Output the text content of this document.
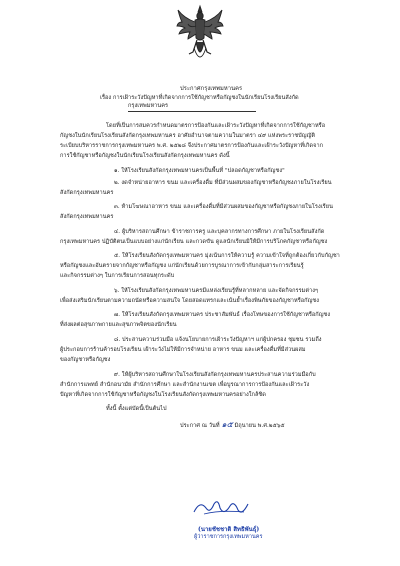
ประกาศกรุงเทพมหานคร
เรื่อง การเฝ้าระวังปัญหาที่เกิดจากการใช้กัญชาหรือกัญชงในนักเรียนโรงเรียนสังกัด
กรุงเทพมหานคร
โดยที่เป็นการสมควรกำหนดมาตรการป้องกันและเฝ้าระวังปัญหาที่เกิดจากการใช้กัญชาหรือ
กัญชงในนักเรียนโรงเรียนสังกัดกรุงเทพมหานคร อาศัยอำนาจตามความในมาตรา ๔๙ แห่งพระราชบัญญัติ
ระเบียบบริหารราชการกรุงเทพมหานคร พ.ศ. ๒๕๒๘ จึงประกาศมาตรการป้องกันและเฝ้าระวังปัญหาที่เกิดจาก
การใช้กัญชาหรือกัญชงในนักเรียนโรงเรียนสังกัดกรุงเทพมหานคร ดังนี้
๑. ให้โรงเรียนสังกัดกรุงเทพมหานครเป็นพื้นที่ "ปลอดกัญชาหรือกัญชง"
๒. งดจำหน่ายอาหาร ขนม และเครื่องดื่ม ที่มีส่วนผสมของกัญชาหรือกัญชงภายในโรงเรียน
สังกัดกรุงเทพมหานคร
๓. ห้ามโฆษณาอาหาร ขนม และเครื่องดื่มที่มีส่วนผสมของกัญชาหรือกัญชงภายในโรงเรียน
สังกัดกรุงเทพมหานคร
๔. ผู้บริหารสถานศึกษา ข้าราชการครู และบุคลากรทางการศึกษา ภายในโรงเรียนสังกัด
กรุงเทพมหานคร ปฏิบัติตนเป็นแบบอย่างแก่นักเรียน และกวดขัน ดูแลนักเรียนมิให้มีการบริโภคกัญชาหรือกัญชง
๕. ให้โรงเรียนสังกัดกรุงเทพมหานคร มุ่งเน้นการให้ความรู้ ความเข้าใจที่ถูกต้องเกี่ยวกับกัญชา
หรือกัญชงและอันตรายจากกัญชาหรือกัญชง แก่นักเรียนด้วยการบูรณาการเข้ากับกลุ่มสาระการเรียนรู้
และกิจกรรมต่างๆ ในการเรียนการสอนทุกระดับ
๖. ให้โรงเรียนสังกัดกรุงเทพมหานครมีแหล่งเรียนรู้ที่หลากหลาย และจัดกิจกรรมต่างๆ
เพื่อส่งเสริมนักเรียนตามความถนัดหรือความสนใจ โดยสอดแทรกและเน้นย้ำเรื่องพิษภัยของกัญชาหรือกัญชง
๗. ให้โรงเรียนสังกัดกรุงเทพมหานคร ประชาสัมพันธ์ เรื่องโทษของการใช้กัญชาหรือกัญชง
ที่ส่งผลต่อสุขภาพกายและสุขภาพจิตของนักเรียน
๘. ประสานความร่วมมือ แจ้งนโยบายการเฝ้าระวังปัญหาฯ แก่ผู้ปกครอง ชุมชน รวมถึง
ผู้ประกอบการร้านค้ารอบโรงเรียน เฝ้าระวังไม่ให้มีการจำหน่าย อาหาร ขนม และเครื่องดื่มที่มีส่วนผสม
ของกัญชาหรือกัญชง
๙. ให้ผู้บริหารสถานศึกษาในโรงเรียนสังกัดกรุงเทพมหานครประสานความร่วมมือกับ
สำนักการแพทย์ สำนักอนามัย สำนักการศึกษา และสำนักงานเขต เพื่อบูรณาการการป้องกันและเฝ้าระวัง
ปัญหาที่เกิดจากการใช้กัญชาหรือกัญชงในโรงเรียนสังกัดกรุงเทพมหานครอย่างใกล้ชิด
ทั้งนี้ ตั้งแต่บัดนี้เป็นต้นไป
ประกาศ ณ วันที่ ๑๕ มิถุนายน พ.ศ.๒๕๖๕
(นายชัชชาติ สิทธิพันธุ์)
ผู้ว่าราชการกรุงเทพมหานคร
